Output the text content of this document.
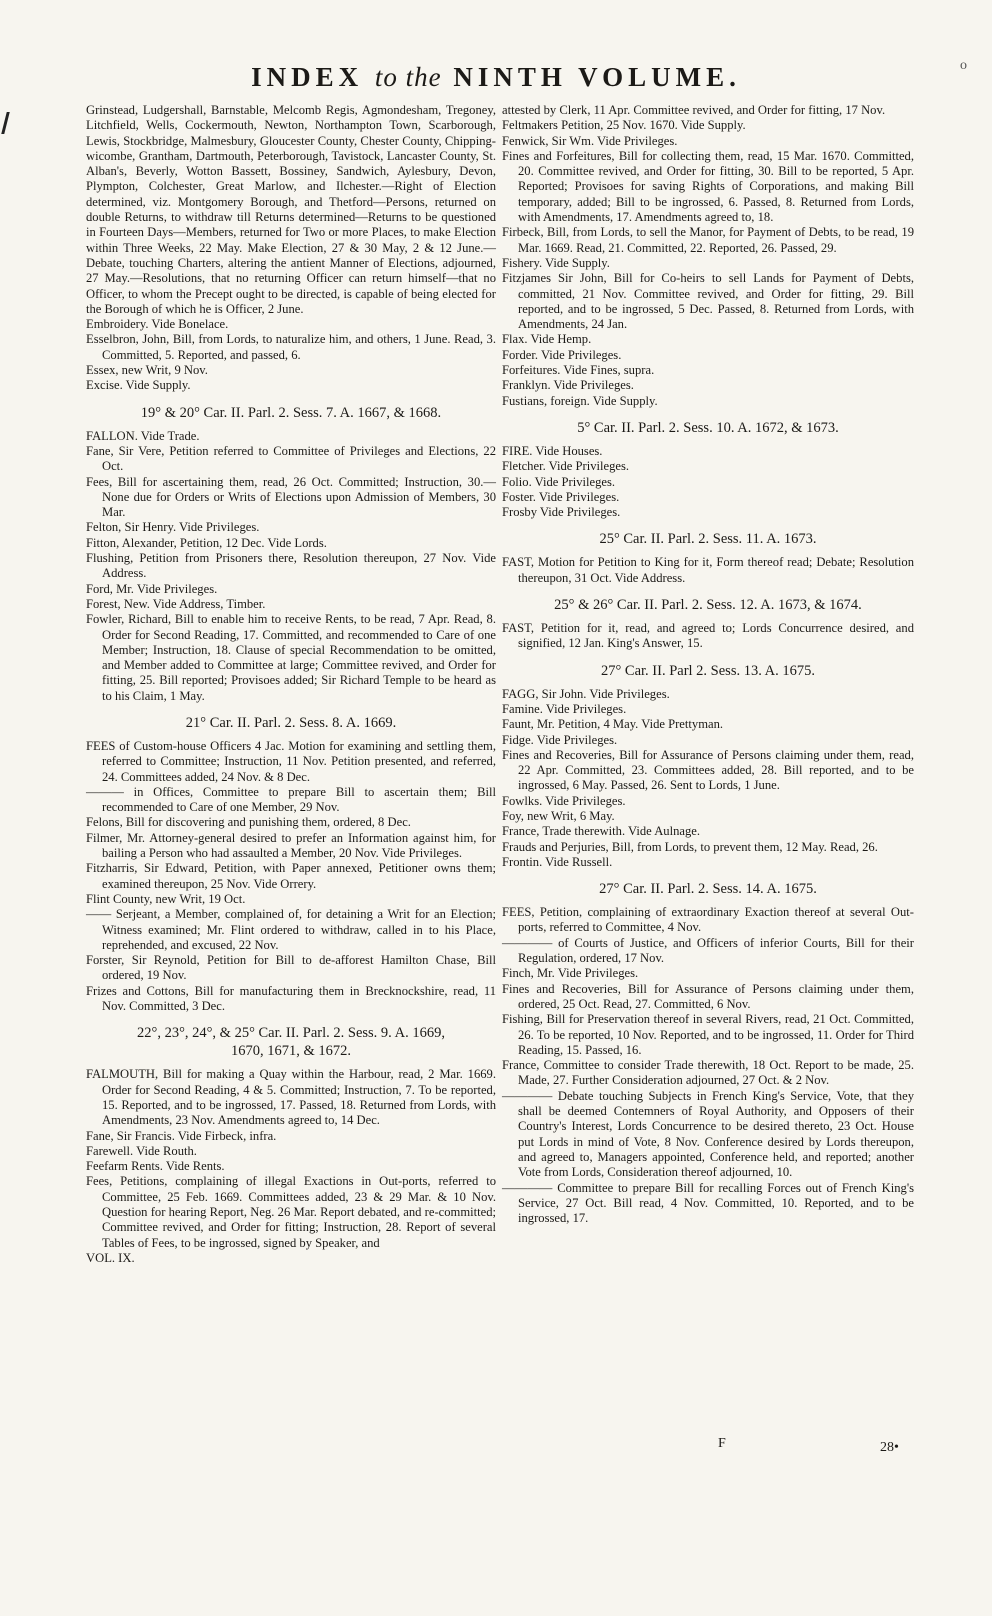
o
INDEX to the NINTH VOLUME.

Grinstead, Ludgershall, Barnstable, Melcomb Regis, Agmondesham, Tregoney, Litchfield, Wells, Cockermouth, Newton, Northampton Town, Scarborough, Lewis, Stockbridge, Malmesbury, Gloucester County, Chester County, Chipping-wicombe, Grantham, Dartmouth, Peterborough, Tavistock, Lancaster County, St. Alban's, Beverly, Wotton Bassett, Bossiney, Sandwich, Aylesbury, Devon, Plympton, Colchester, Great Marlow, and Ilchester.—Right of Election determined, viz. Montgomery Borough, and Thetford—Persons, returned on double Returns, to withdraw till Returns determined—Returns to be questioned in Fourteen Days—Members, returned for Two or more Places, to make Election within Three Weeks, 22 May. Make Election, 27 & 30 May, 2 & 12 June.—Debate, touching Charters, altering the antient Manner of Elections, adjourned, 27 May.—Resolutions, that no returning Officer can return himself—that no Officer, to whom the Precept ought to be directed, is capable of being elected for the Borough of which he is Officer, 2 June.

Embroidery. Vide Bonelace.

Esselbron, John, Bill, from Lords, to naturalize him, and others, 1 June. Read, 3. Committed, 5. Reported, and passed, 6.

Essex, new Writ, 9 Nov.

Excise. Vide Supply.

19° & 20° Car. II. Parl. 2. Sess. 7. A. 1667, & 1668.

FALLON. Vide Trade.

Fane, Sir Vere, Petition referred to Committee of Privileges and Elections, 22 Oct.

Fees, Bill for ascertaining them, read, 26 Oct. Committed; Instruction, 30.—None due for Orders or Writs of Elections upon Admission of Members, 30 Mar.

Felton, Sir Henry. Vide Privileges.

Fitton, Alexander, Petition, 12 Dec. Vide Lords.

Flushing, Petition from Prisoners there, Resolution thereupon, 27 Nov. Vide Address.

Ford, Mr. Vide Privileges.

Forest, New. Vide Address, Timber.

Fowler, Richard, Bill to enable him to receive Rents, to be read, 7 Apr. Read, 8. Order for Second Reading, 17. Committed, and recommended to Care of one Member; Instruction, 18. Clause of special Recommendation to be omitted, and Member added to Committee at large; Committee revived, and Order for fitting, 25. Bill reported; Provisoes added; Sir Richard Temple to be heard as to his Claim, 1 May.

21° Car. II. Parl. 2. Sess. 8. A. 1669.

FEES of Custom-house Officers 4 Jac. Motion for examining and settling them, referred to Committee; Instruction, 11 Nov. Petition presented, and referred, 24. Committees added, 24 Nov. & 8 Dec.

——— in Offices, Committee to prepare Bill to ascertain them; Bill recommended to Care of one Member, 29 Nov.

Felons, Bill for discovering and punishing them, ordered, 8 Dec.

Filmer, Mr. Attorney-general desired to prefer an Information against him, for bailing a Person who had assaulted a Member, 20 Nov. Vide Privileges.

Fitzharris, Sir Edward, Petition, with Paper annexed, Petitioner owns them; examined thereupon, 25 Nov. Vide Orrery.

Flint County, new Writ, 19 Oct.

—— Serjeant, a Member, complained of, for detaining a Writ for an Election; Witness examined; Mr. Flint ordered to withdraw, called in to his Place, reprehended, and excused, 22 Nov.

Forster, Sir Reynold, Petition for Bill to de-afforest Hamilton Chase, Bill ordered, 19 Nov.

Frizes and Cottons, Bill for manufacturing them in Brecknockshire, read, 11 Nov. Committed, 3 Dec.

22°, 23°, 24°, & 25° Car. II. Parl. 2. Sess. 9. A. 1669,
1670, 1671, & 1672.

FALMOUTH, Bill for making a Quay within the Harbour, read, 2 Mar. 1669. Order for Second Reading, 4 & 5. Committed; Instruction, 7. To be reported, 15. Reported, and to be ingrossed, 17. Passed, 18. Returned from Lords, with Amendments, 23 Nov. Amendments agreed to, 14 Dec.

Fane, Sir Francis. Vide Firbeck, infra.

Farewell. Vide Routh.

Feefarm Rents. Vide Rents.

Fees, Petitions, complaining of illegal Exactions in Out-ports, referred to Committee, 25 Feb. 1669. Committees added, 23 & 29 Mar. & 10 Nov. Question for hearing Report, Neg. 26 Mar. Report debated, and re-committed; Committee revived, and Order for fitting; Instruction, 28. Report of several Tables of Fees, to be ingrossed, signed by Speaker, and

VOL. IX.

attested by Clerk, 11 Apr. Committee revived, and Order for fitting, 17 Nov.

Feltmakers Petition, 25 Nov. 1670. Vide Supply.

Fenwick, Sir Wm. Vide Privileges.

Fines and Forfeitures, Bill for collecting them, read, 15 Mar. 1670. Committed, 20. Committee revived, and Order for fitting, 30. Bill to be reported, 5 Apr. Reported; Provisoes for saving Rights of Corporations, and making Bill temporary, added; Bill to be ingrossed, 6. Passed, 8. Returned from Lords, with Amendments, 17. Amendments agreed to, 18.

Firbeck, Bill, from Lords, to sell the Manor, for Payment of Debts, to be read, 19 Mar. 1669. Read, 21. Committed, 22. Reported, 26. Passed, 29.

Fishery. Vide Supply.

Fitzjames Sir John, Bill for Co-heirs to sell Lands for Payment of Debts, committed, 21 Nov. Committee revived, and Order for fitting, 29. Bill reported, and to be ingrossed, 5 Dec. Passed, 8. Returned from Lords, with Amendments, 24 Jan.

Flax. Vide Hemp.

Forder. Vide Privileges.

Forfeitures. Vide Fines, supra.

Franklyn. Vide Privileges.

Fustians, foreign. Vide Supply.

5° Car. II. Parl. 2. Sess. 10. A. 1672, & 1673.

FIRE. Vide Houses.

Fletcher. Vide Privileges.

Folio. Vide Privileges.

Foster. Vide Privileges.

Frosby Vide Privileges.

25° Car. II. Parl. 2. Sess. 11. A. 1673.

FAST, Motion for Petition to King for it, Form thereof read; Debate; Resolution thereupon, 31 Oct. Vide Address.

25° & 26° Car. II. Parl. 2. Sess. 12. A. 1673, & 1674.

FAST, Petition for it, read, and agreed to; Lords Concurrence desired, and signified, 12 Jan. King's Answer, 15.

27° Car. II. Parl 2. Sess. 13. A. 1675.

FAGG, Sir John. Vide Privileges.

Famine. Vide Privileges.

Faunt, Mr. Petition, 4 May. Vide Prettyman.

Fidge. Vide Privileges.

Fines and Recoveries, Bill for Assurance of Persons claiming under them, read, 22 Apr. Committed, 23. Committees added, 28. Bill reported, and to be ingrossed, 6 May. Passed, 26. Sent to Lords, 1 June.

Fowlks. Vide Privileges.

Foy, new Writ, 6 May.

France, Trade therewith. Vide Aulnage.

Frauds and Perjuries, Bill, from Lords, to prevent them, 12 May. Read, 26.

Frontin. Vide Russell.

27° Car. II. Parl. 2. Sess. 14. A. 1675.

FEES, Petition, complaining of extraordinary Exaction thereof at several Out-ports, referred to Committee, 4 Nov.

———— of Courts of Justice, and Officers of inferior Courts, Bill for their Regulation, ordered, 17 Nov.

Finch, Mr. Vide Privileges.

Fines and Recoveries, Bill for Assurance of Persons claiming under them, ordered, 25 Oct. Read, 27. Committed, 6 Nov.

Fishing, Bill for Preservation thereof in several Rivers, read, 21 Oct. Committed, 26. To be reported, 10 Nov. Reported, and to be ingrossed, 11. Order for Third Reading, 15. Passed, 16.

France, Committee to consider Trade therewith, 18 Oct. Report to be made, 25. Made, 27. Further Consideration adjourned, 27 Oct. & 2 Nov.

———— Debate touching Subjects in French King's Service, Vote, that they shall be deemed Contemners of Royal Authority, and Opposers of their Country's Interest, Lords Concurrence to be desired thereto, 23 Oct. House put Lords in mind of Vote, 8 Nov. Conference desired by Lords thereupon, and agreed to, Managers appointed, Conference held, and reported; another Vote from Lords, Consideration thereof adjourned, 10.

———— Committee to prepare Bill for recalling Forces out of French King's Service, 27 Oct. Bill read, 4 Nov. Committed, 10. Reported, and to be ingrossed, 17.

F	28•
